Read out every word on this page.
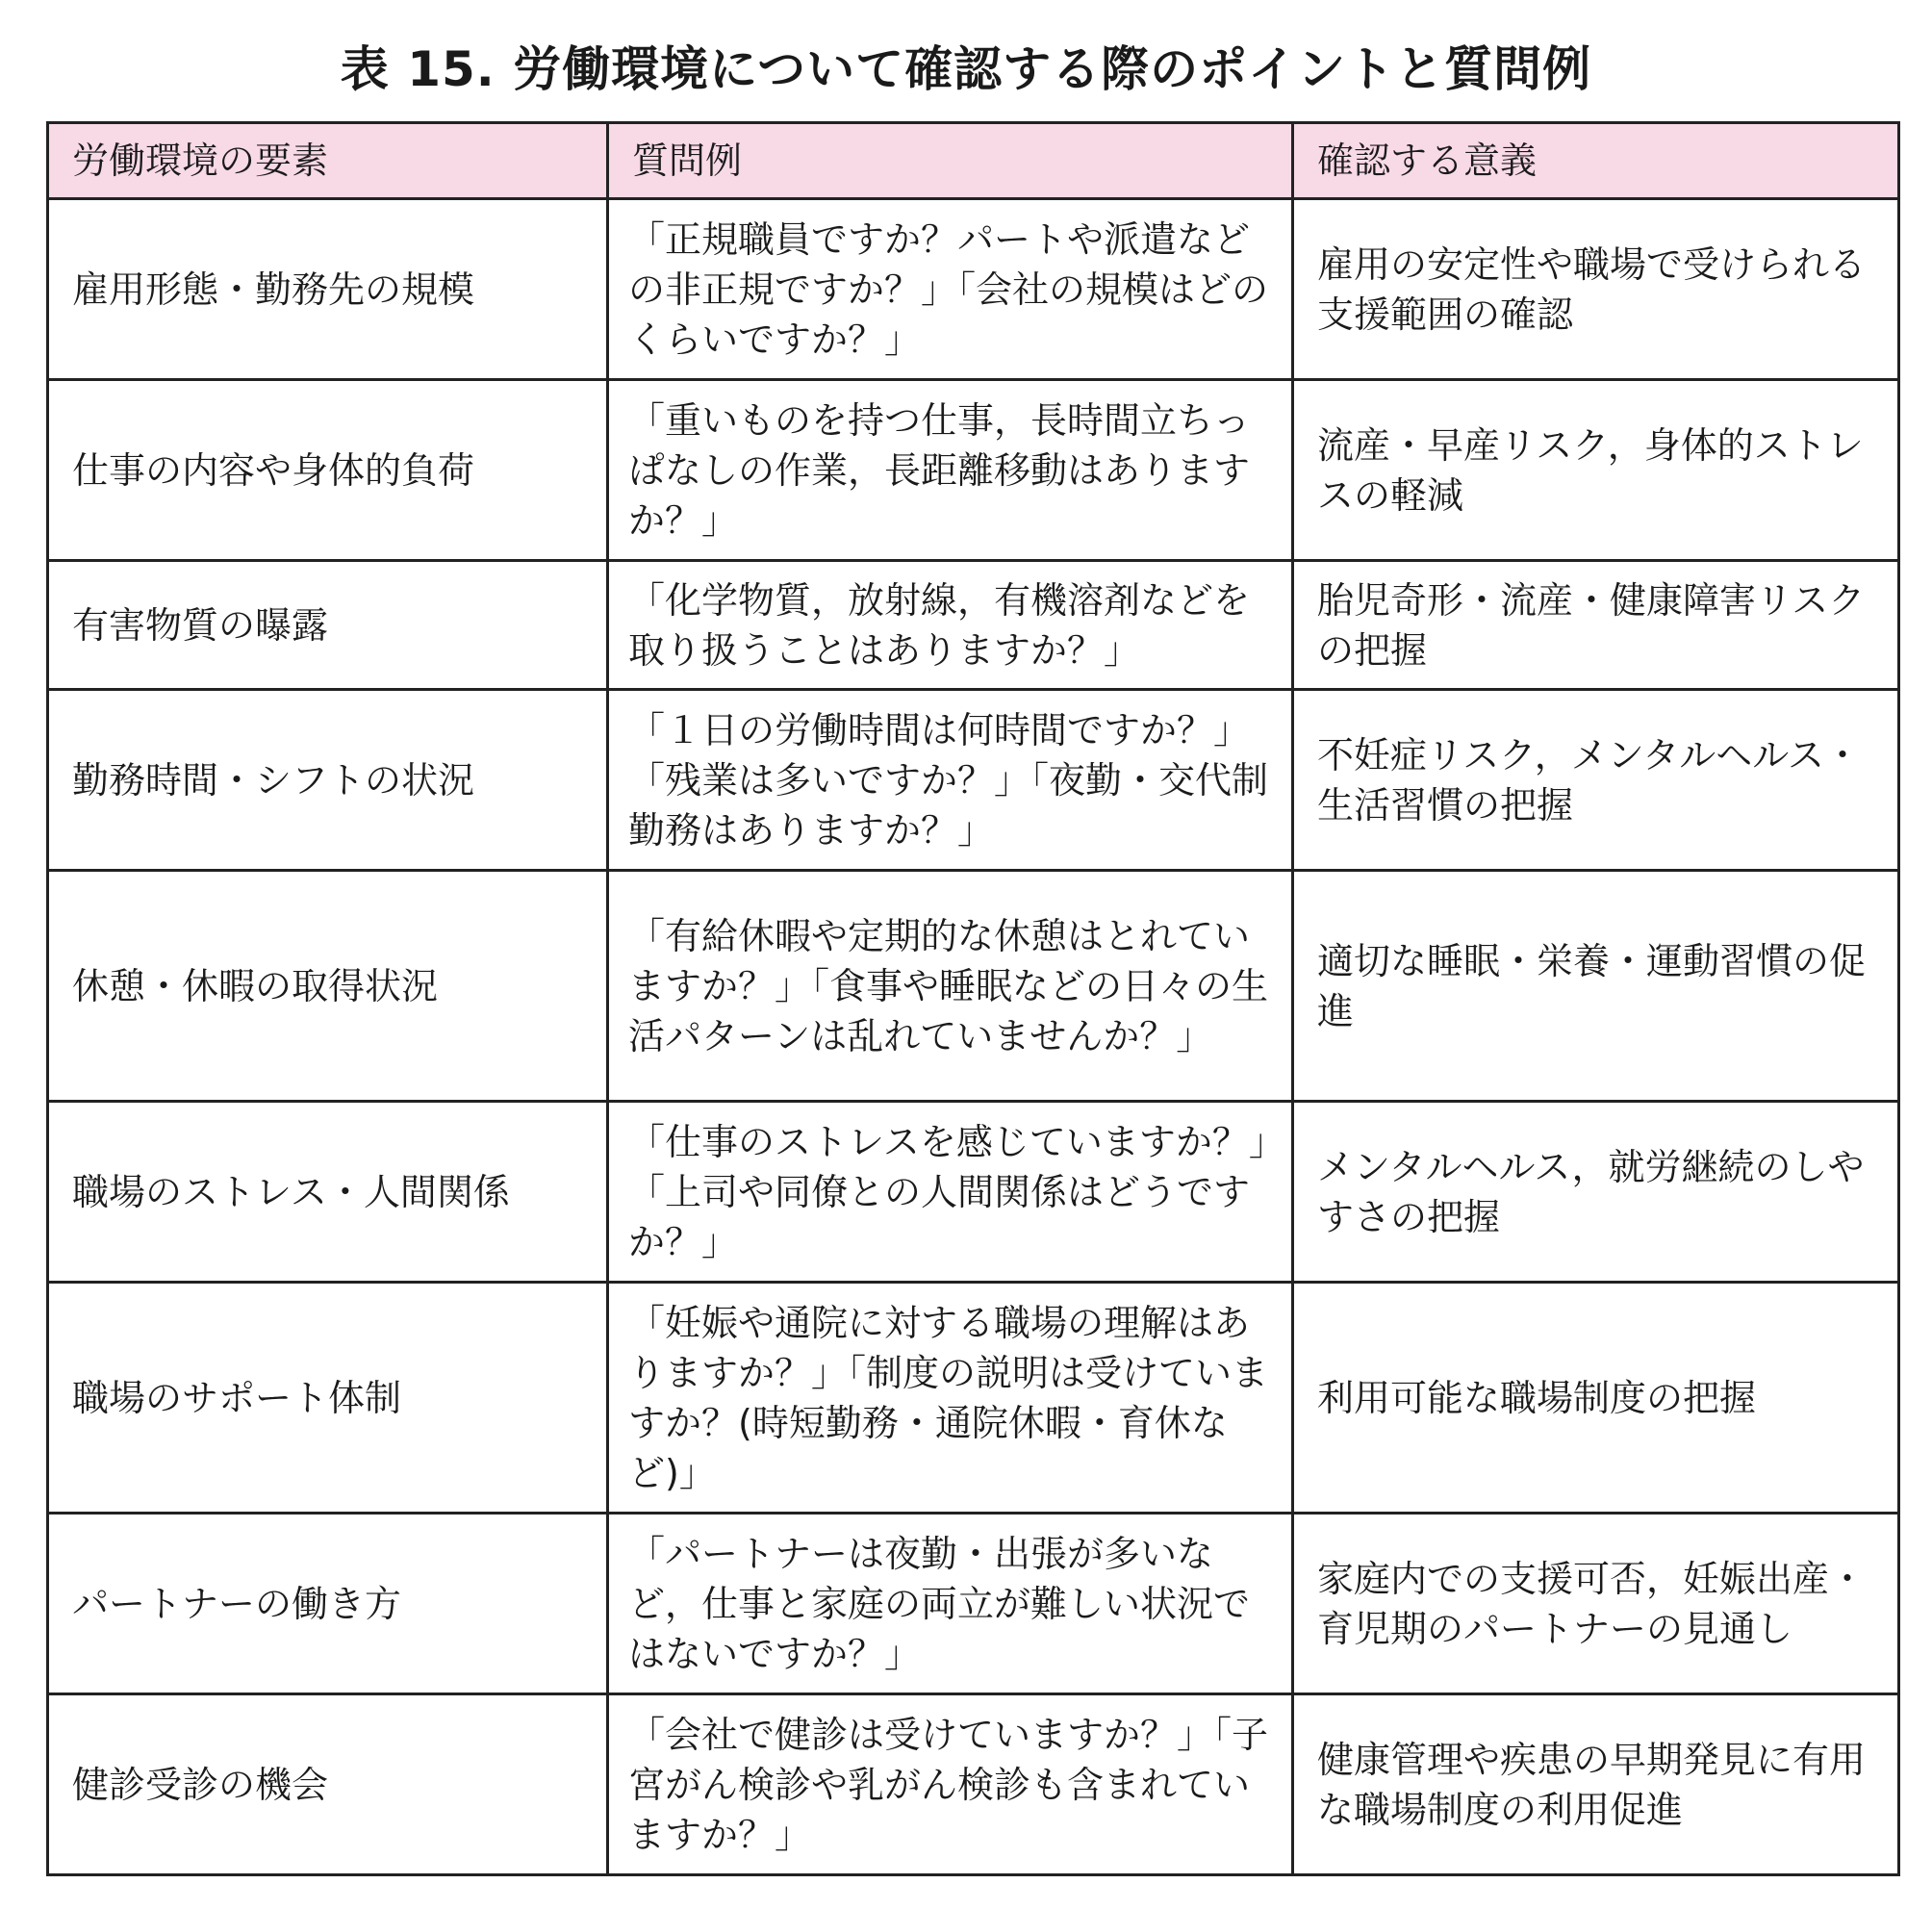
表 15. 労働環境について確認する際のポイントと質問例
労働環境の要素	質問例	確認する意義
雇用形態・勤務先の規模	「正規職員ですか？パートや派遣などの非正規ですか？」「会社の規模はどのくらいですか？」	雇用の安定性や職場で受けられる支援範囲の確認
仕事の内容や身体的負荷	「重いものを持つ仕事，長時間立ちっぱなしの作業，長距離移動はありますか？」	流産・早産リスク，身体的ストレスの軽減
有害物質の曝露	「化学物質，放射線，有機溶剤などを取り扱うことはありますか？」	胎児奇形・流産・健康障害リスクの把握
勤務時間・シフトの状況	「１日の労働時間は何時間ですか？」「残業は多いですか？」「夜勤・交代制勤務はありますか？」	不妊症リスク，メンタルヘルス・生活習慣の把握
休憩・休暇の取得状況	「有給休暇や定期的な休憩はとれていますか？」「食事や睡眠などの日々の生活パターンは乱れていませんか？」	適切な睡眠・栄養・運動習慣の促進
職場のストレス・人間関係	「仕事のストレスを感じていますか？」「上司や同僚との人間関係はどうですか？」	メンタルヘルス，就労継続のしやすさの把握
職場のサポート体制	「妊娠や通院に対する職場の理解はありますか？」「制度の説明は受けていますか？(時短勤務・通院休暇・育休など)」	利用可能な職場制度の把握
パートナーの働き方	「パートナーは夜勤・出張が多いなど，仕事と家庭の両立が難しい状況ではないですか？」	家庭内での支援可否，妊娠出産・育児期のパートナーの見通し
健診受診の機会	「会社で健診は受けていますか？」「子宮がん検診や乳がん検診も含まれていますか？」	健康管理や疾患の早期発見に有用な職場制度の利用促進
